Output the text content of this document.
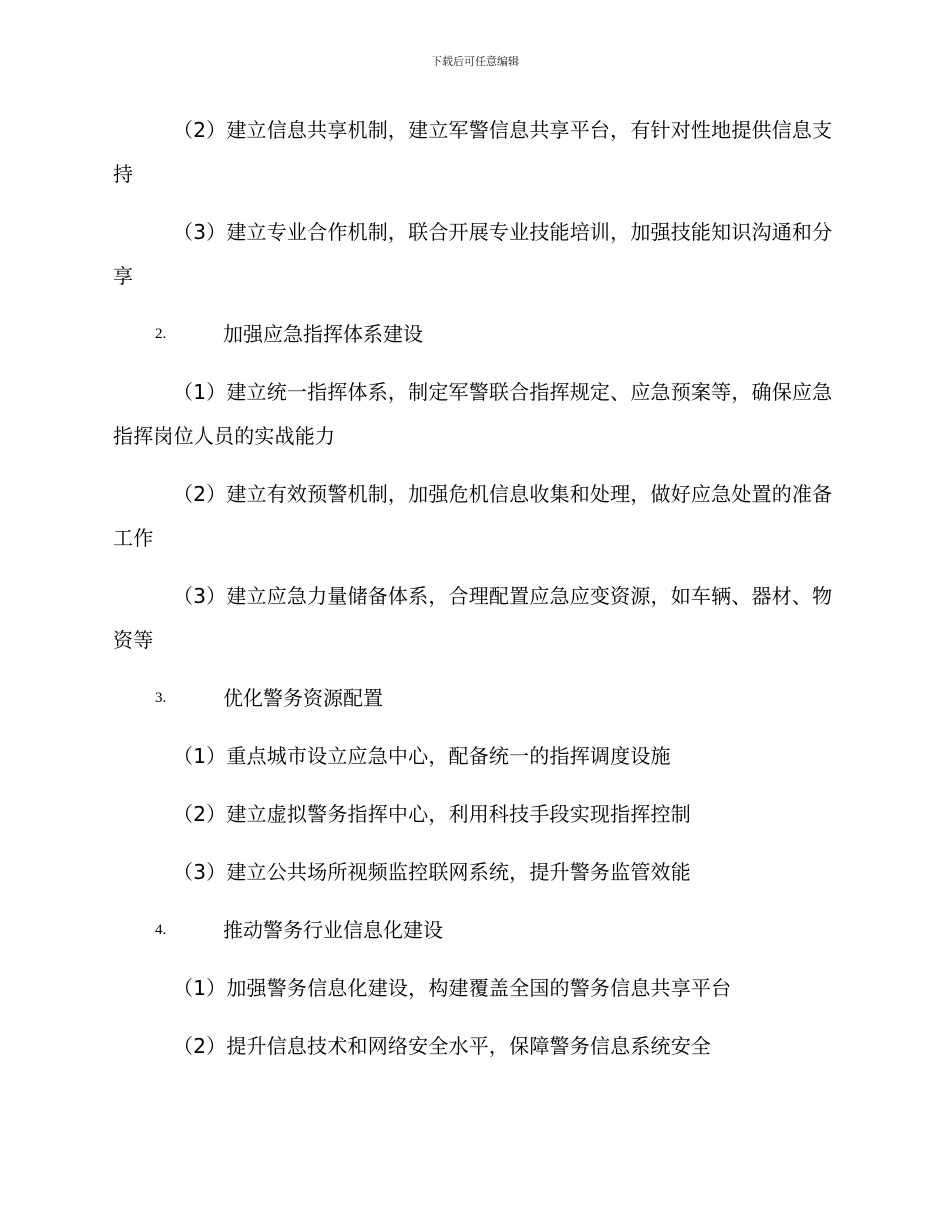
下载后可任意编辑

（2）建立信息共享机制，建立军警信息共享平台，有针对性地提供信息支持

（3）建立专业合作机制，联合开展专业技能培训，加强技能知识沟通和分享

2.	加强应急指挥体系建设

（1）建立统一指挥体系，制定军警联合指挥规定、应急预案等，确保应急指挥岗位人员的实战能力

（2）建立有效预警机制，加强危机信息收集和处理，做好应急处置的准备工作

（3）建立应急力量储备体系，合理配置应急应变资源，如车辆、器材、物资等

3.	优化警务资源配置

（1）重点城市设立应急中心，配备统一的指挥调度设施

（2）建立虚拟警务指挥中心，利用科技手段实现指挥控制

（3）建立公共场所视频监控联网系统，提升警务监管效能

4.	推动警务行业信息化建设

（1）加强警务信息化建设，构建覆盖全国的警务信息共享平台

（2）提升信息技术和网络安全水平，保障警务信息系统安全
